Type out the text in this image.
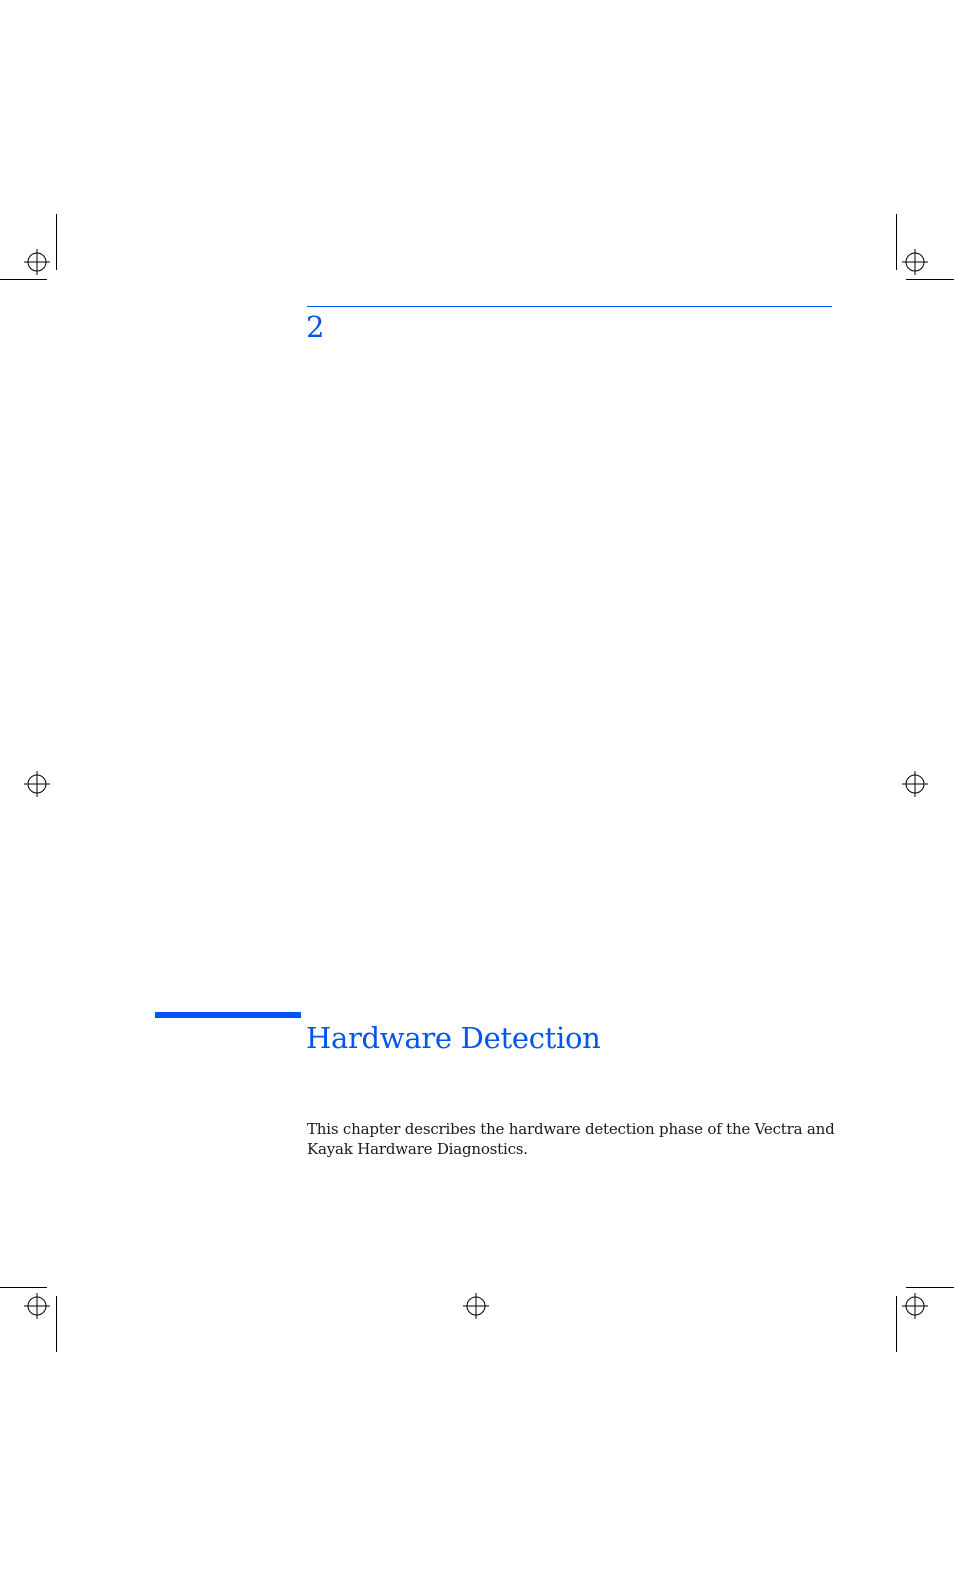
2
Hardware Detection

This chapter describes the hardware detection phase of the Vectra and Kayak Hardware Diagnostics.
